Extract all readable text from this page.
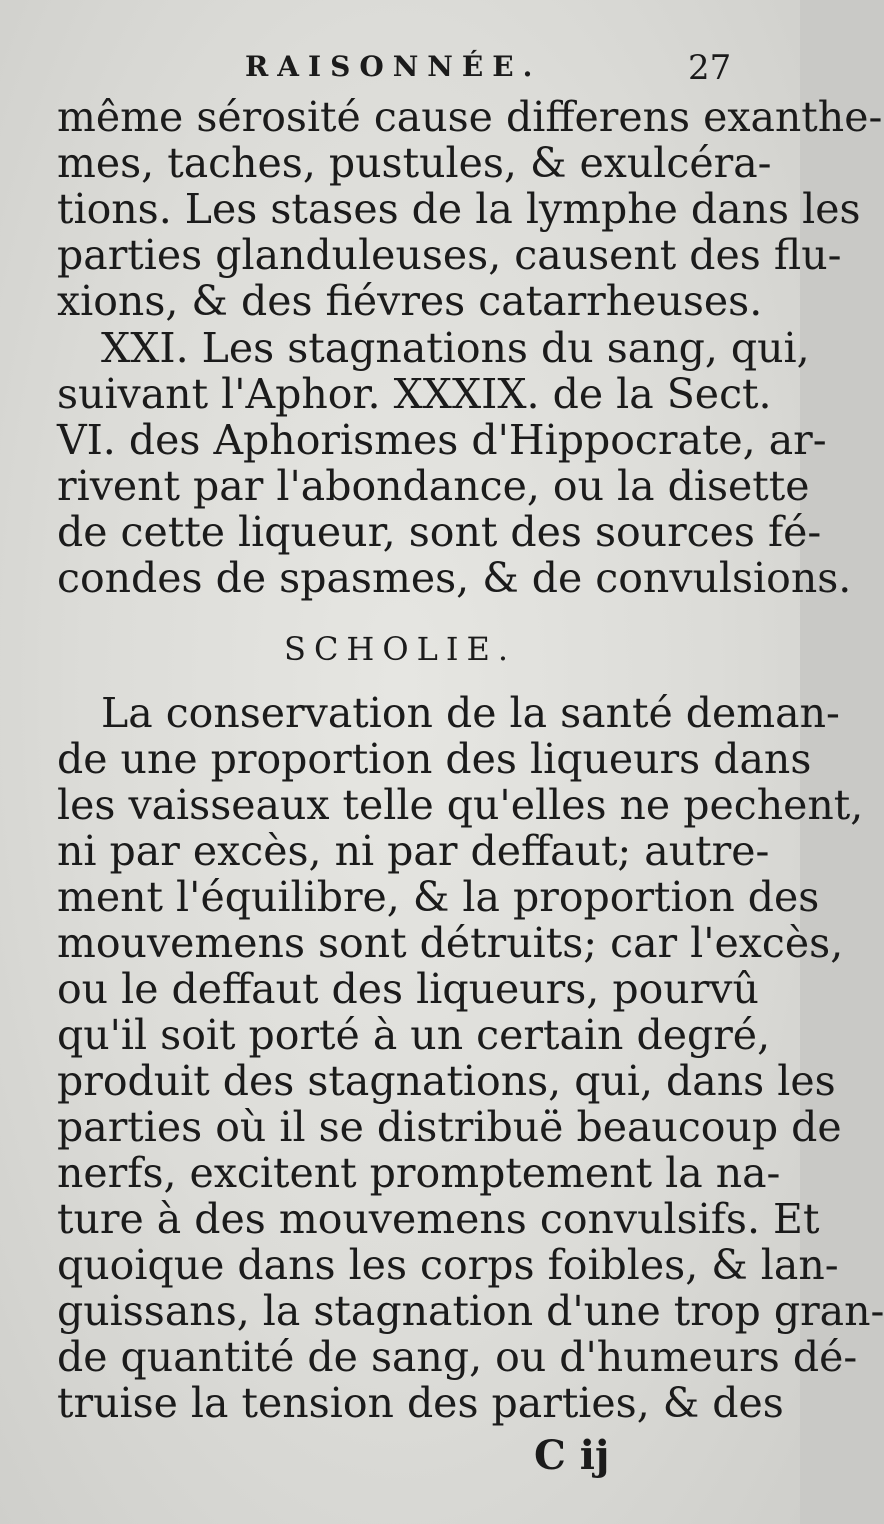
RAISONNÉE.	27
même sérosité cause differens exanthe-
mes, taches, pustules, & exulcéra-
tions. Les stases de la lymphe dans les
parties glanduleuses, causent des flu-
xions, & des fiévres catarrheuses.
XXI. Les stagnations du sang, qui,
suivant l'Aphor. XXXIX. de la Sect.
VI. des Aphorismes d'Hippocrate, ar-
rivent par l'abondance, ou la disette
de cette liqueur, sont des sources fé-
condes de spasmes, & de convulsions.
SCHOLIE.
La conservation de la santé deman-
de une proportion des liqueurs dans
les vaisseaux telle qu'elles ne pechent,
ni par excès, ni par deffaut; autre-
ment l'équilibre, & la proportion des
mouvemens sont détruits; car l'excès,
ou le deffaut des liqueurs, pourvû
qu'il soit porté à un certain degré,
produit des stagnations, qui, dans les
parties où il se distribuë beaucoup de
nerfs, excitent promptement la na-
ture à des mouvemens convulsifs. Et
quoique dans les corps foibles, & lan-
guissans, la stagnation d'une trop gran-
de quantité de sang, ou d'humeurs dé-
truise la tension des parties, & des
C ij
